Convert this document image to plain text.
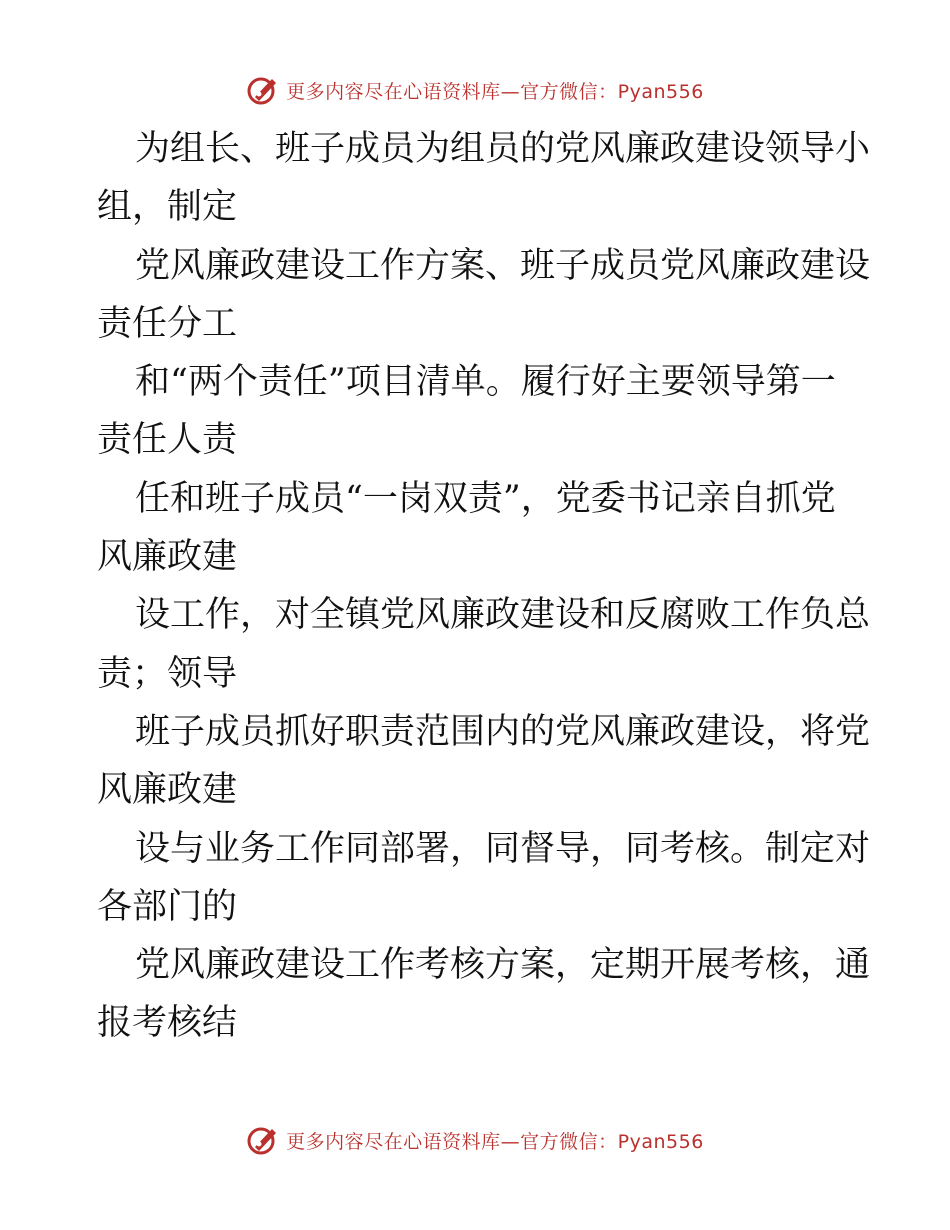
更多内容尽在心语资料库—官方微信：Pyan556
为组长、班子成员为组员的党风廉政建设领导小
组，制定
党风廉政建设工作方案、班子成员党风廉政建设
责任分工
和“两个责任”项目清单。履行好主要领导第一
责任人责
任和班子成员“一岗双责”，党委书记亲自抓党
风廉政建
设工作，对全镇党风廉政建设和反腐败工作负总
责；领导
班子成员抓好职责范围内的党风廉政建设，将党
风廉政建
设与业务工作同部署，同督导，同考核。制定对
各部门的
党风廉政建设工作考核方案，定期开展考核，通
报考核结
更多内容尽在心语资料库—官方微信：Pyan556
